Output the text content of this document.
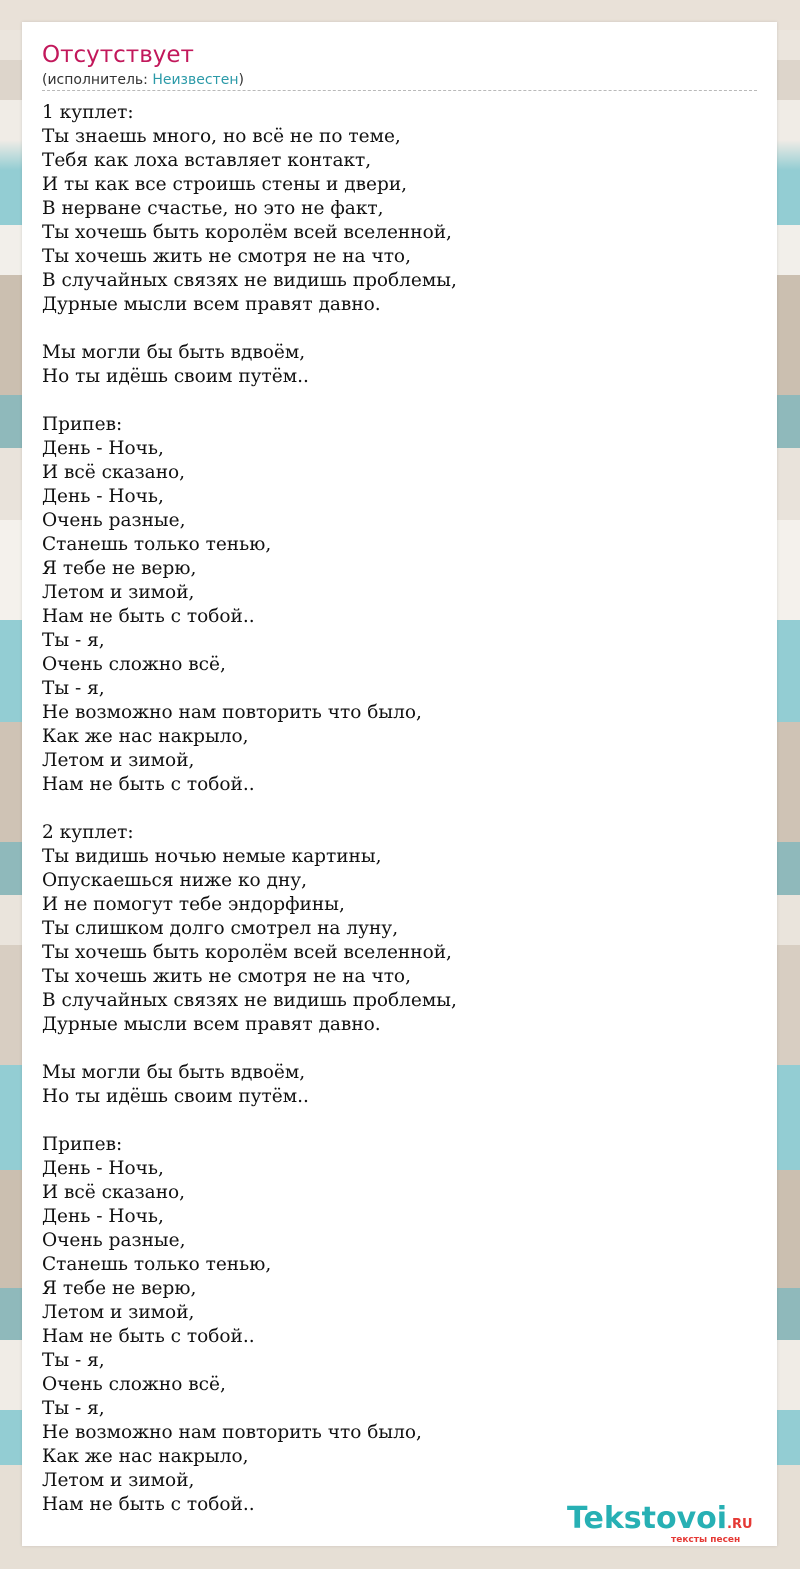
Отсутствует
(исполнитель: Неизвестен)
1 куплет:
Ты знаешь много, но всё не по теме,
Тебя как лоха вставляет контакт,
И ты как все строишь стены и двери,
В нерване счастье, но это не факт,
Ты хочешь быть королём всей вселенной,
Ты хочешь жить не смотря не на что,
В случайных связях не видишь проблемы,
Дурные мысли всем правят давно.

Мы могли бы быть вдвоём,
Но ты идёшь своим путём..

Припев:
День - Ночь,
И всё сказано,
День - Ночь,
Очень разные,
Станешь только тенью,
Я тебе не верю,
Летом и зимой,
Нам не быть с тобой..
Ты - я,
Очень сложно всё,
Ты - я,
Не возможно нам повторить что было,
Как же нас накрыло,
Летом и зимой,
Нам не быть с тобой..

2 куплет:
Ты видишь ночью немые картины,
Опускаешься ниже ко дну,
И не помогут тебе эндорфины,
Ты слишком долго смотрел на луну,
Ты хочешь быть королём всей вселенной,
Ты хочешь жить не смотря не на что,
В случайных связях не видишь проблемы,
Дурные мысли всем правят давно.

Мы могли бы быть вдвоём,
Но ты идёшь своим путём..

Припев:
День - Ночь,
И всё сказано,
День - Ночь,
Очень разные,
Станешь только тенью,
Я тебе не верю,
Летом и зимой,
Нам не быть с тобой..
Ты - я,
Очень сложно всё,
Ты - я,
Не возможно нам повторить что было,
Как же нас накрыло,
Летом и зимой,
Нам не быть с тобой..	Tekstovoi.RU
тексты песен
